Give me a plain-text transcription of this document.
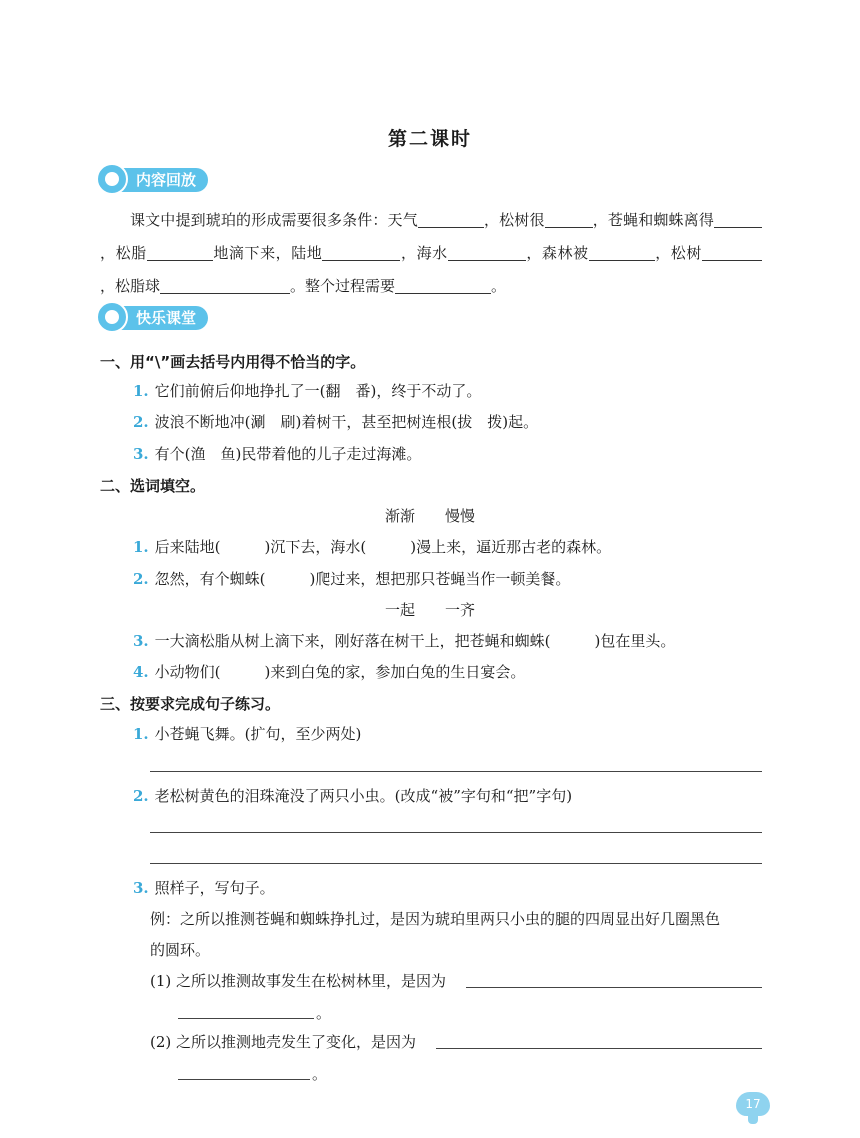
第二课时
内容回放
课文中提到琥珀的形成需要很多条件：天气	，松树很	，苍蝇和蜘蛛离得，松脂	地滴下来，陆地	，海水	，森林被	，松树，松脂球	。整个过程需要	。
快乐课堂
一、用“\”画去括号内用得不恰当的字。
1. 它们前俯后仰地挣扎了一(翻　番)，终于不动了。
2. 波浪不断地冲(涮　刷)着树干，甚至把树连根(拔　拨)起。
3. 有个(渔　鱼)民带着他的儿子走过海滩。
二、选词填空。
渐渐　　慢慢
1. 后来陆地(	)沉下去，海水(	)漫上来，逼近那古老的森林。
2. 忽然，有个蜘蛛(	)爬过来，想把那只苍蝇当作一顿美餐。
一起　　一齐
3. 一大滴松脂从树上滴下来，刚好落在树干上，把苍蝇和蜘蛛(	)包在里头。
4. 小动物们(	)来到白兔的家，参加白兔的生日宴会。
三、按要求完成句子练习。
1. 小苍蝇飞舞。(扩句，至少两处)
2. 老松树黄色的泪珠淹没了两只小虫。(改成“被”字句和“把”字句)
3. 照样子，写句子。
例：之所以推测苍蝇和蜘蛛挣扎过，是因为琥珀里两只小虫的腿的四周显出好几圈黑色
的圆环。
(1) 之所以推测故事发生在松树林里，是因为
。
(2) 之所以推测地壳发生了变化，是因为
。
17
